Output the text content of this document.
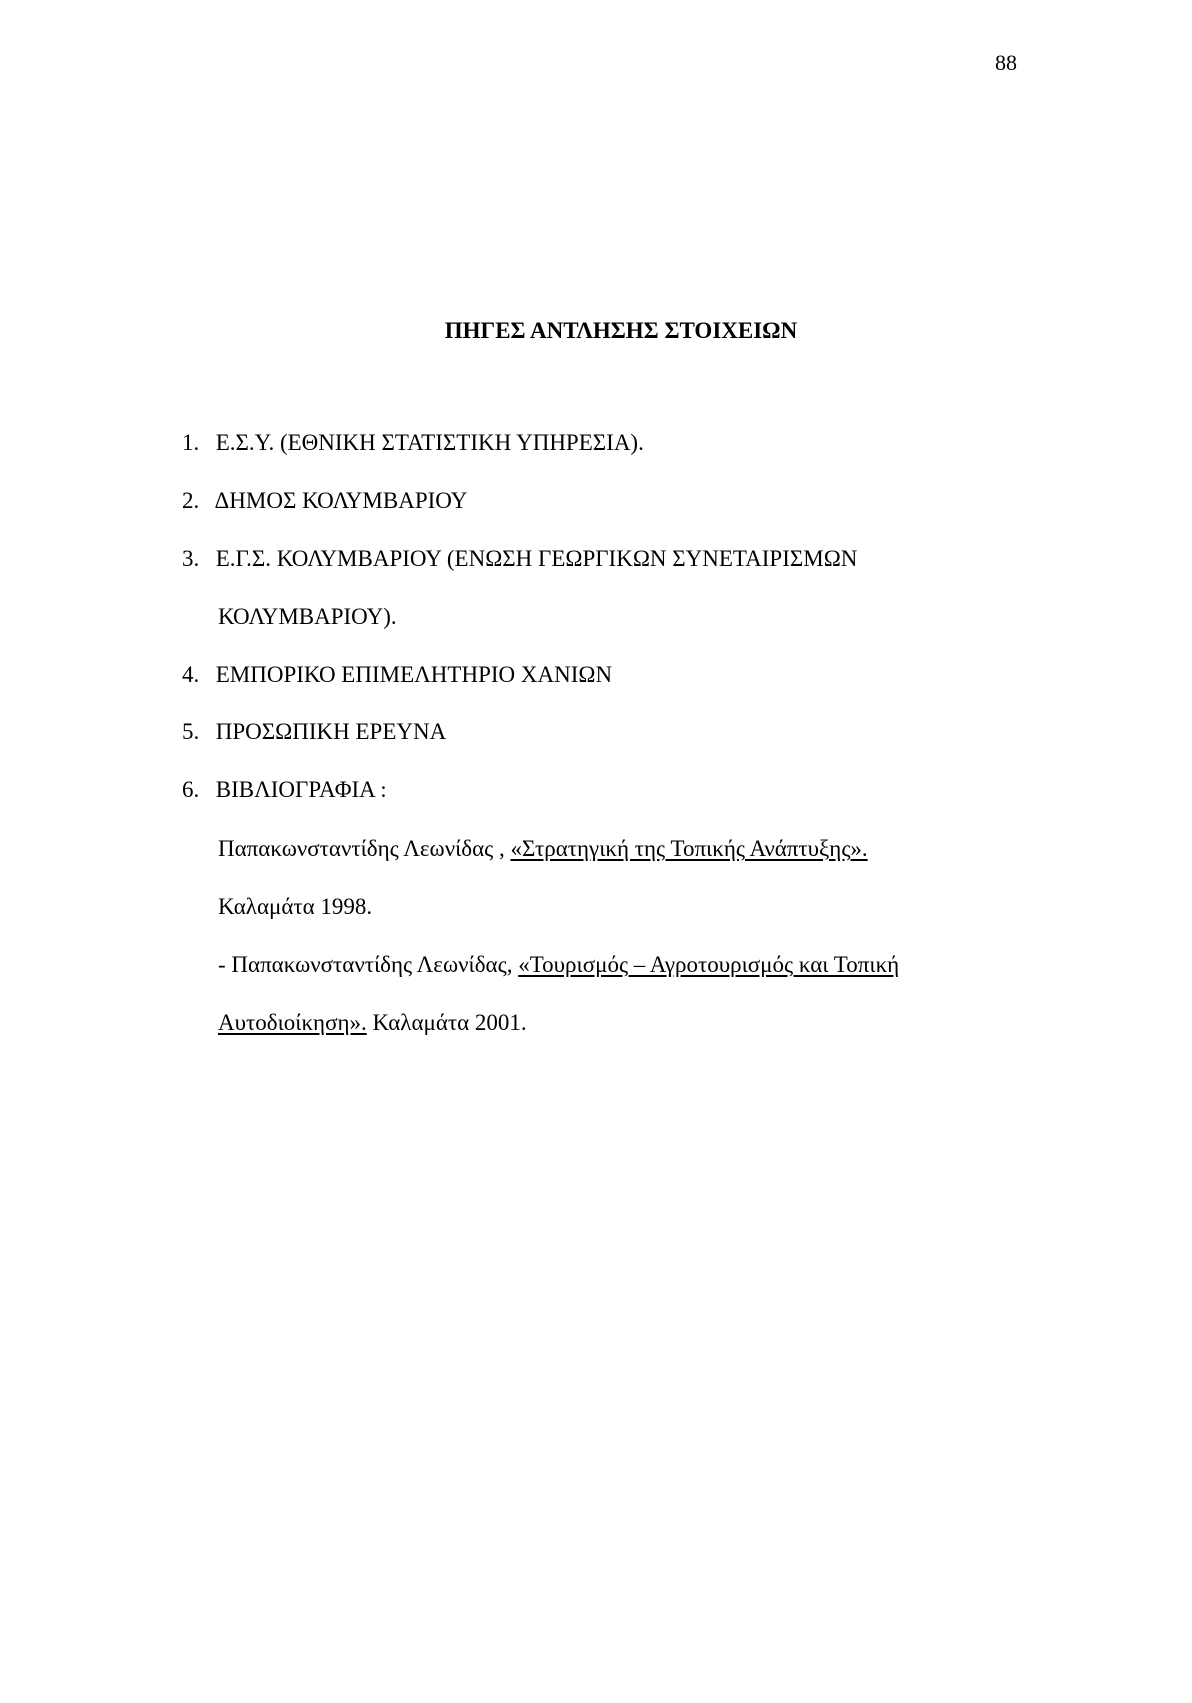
88
ΠΗΓΕΣ ΑΝΤΛΗΣΗΣ ΣΤΟΙΧΕΙΩΝ
1. Ε.Σ.Υ. (ΕΘΝΙΚΗ ΣΤΑΤΙΣΤΙΚΗ ΥΠΗΡΕΣΙΑ).
2. ΔΗΜΟΣ ΚΟΛΥΜΒΑΡΙΟΥ
3. Ε.Γ.Σ. ΚΟΛΥΜΒΑΡΙΟΥ (ΕΝΩΣΗ ΓΕΩΡΓΙΚΩΝ ΣΥΝΕΤΑΙΡΙΣΜΩΝ
ΚΟΛΥΜΒΑΡΙΟΥ).
4. ΕΜΠΟΡΙΚΟ ΕΠΙΜΕΛΗΤΗΡΙΟ ΧΑΝΙΩΝ
5. ΠΡΟΣΩΠΙΚΗ ΕΡΕΥΝΑ
6. ΒΙΒΛΙΟΓΡΑΦΙΑ :
Παπακωνσταντίδης Λεωνίδας , «Στρατηγική της Τοπικής Ανάπτυξης».
Καλαμάτα 1998.
- Παπακωνσταντίδης Λεωνίδας, «Τουρισμός – Αγροτουρισμός και Τοπική
Αυτοδιοίκηση». Καλαμάτα 2001.
